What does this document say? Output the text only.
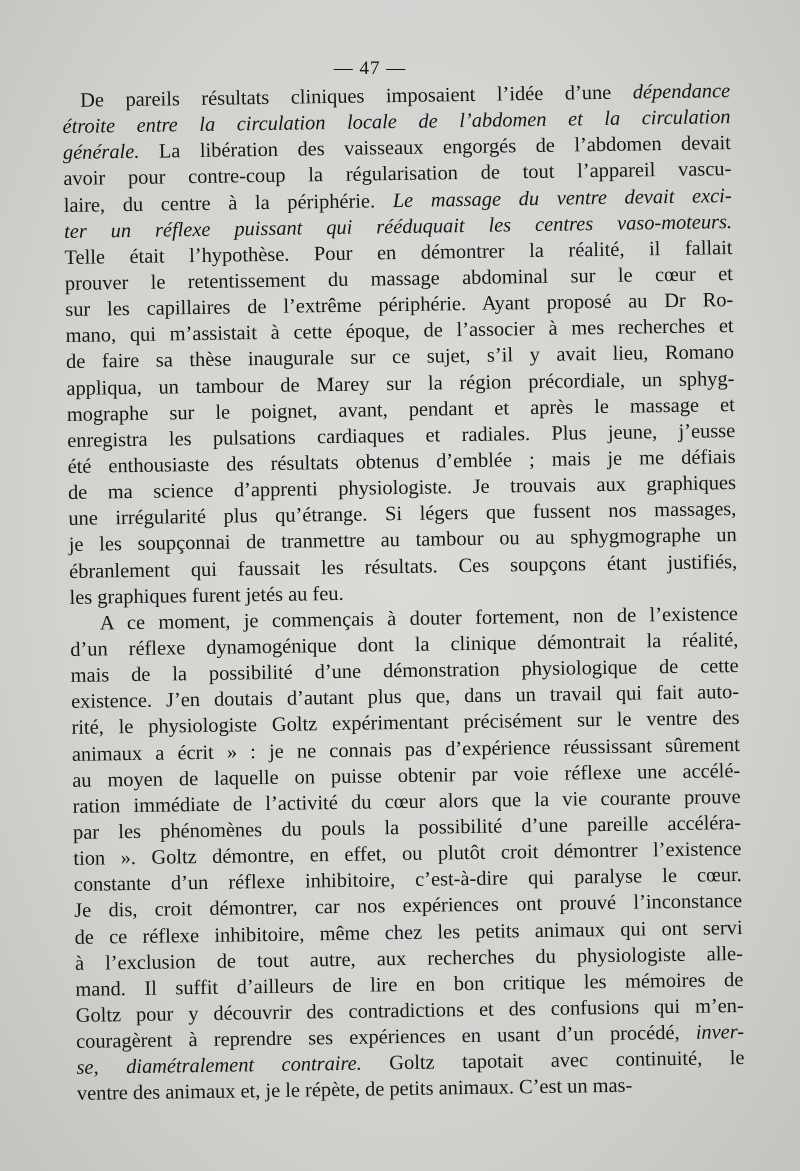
— 47 —
De pareils résultats cliniques imposaient l’idée d’une dépendance
étroite entre la circulation locale de l’abdomen et la circulation
générale. La libération des vaisseaux engorgés de l’abdomen devait
avoir pour contre-coup la régularisation de tout l’appareil vascu-
laire, du centre à la périphérie. Le massage du ventre devait exci-
ter un réflexe puissant qui rééduquait les centres vaso-moteurs.
Telle était l’hypothèse. Pour en démontrer la réalité, il fallait
prouver le retentissement du massage abdominal sur le cœur et
sur les capillaires de l’extrême périphérie. Ayant proposé au Dr Ro-
mano, qui m’assistait à cette époque, de l’associer à mes recherches et
de faire sa thèse inaugurale sur ce sujet, s’il y avait lieu, Romano
appliqua, un tambour de Marey sur la région précordiale, un sphyg-
mographe sur le poignet, avant, pendant et après le massage et
enregistra les pulsations cardiaques et radiales. Plus jeune, j’eusse
été enthousiaste des résultats obtenus d’emblée ; mais je me défiais
de ma science d’apprenti physiologiste. Je trouvais aux graphiques
une irrégularité plus qu’étrange. Si légers que fussent nos massages,
je les soupçonnai de tranmettre au tambour ou au sphygmographe un
ébranlement qui faussait les résultats. Ces soupçons étant justifiés,
les graphiques furent jetés au feu.
A ce moment, je commençais à douter fortement, non de l’existence
d’un réflexe dynamogénique dont la clinique démontrait la réalité,
mais de la possibilité d’une démonstration physiologique de cette
existence. J’en doutais d’autant plus que, dans un travail qui fait auto-
rité, le physiologiste Goltz expérimentant précisément sur le ventre des
animaux a écrit » : je ne connais pas d’expérience réussissant sûrement
au moyen de laquelle on puisse obtenir par voie réflexe une accélé-
ration immédiate de l’activité du cœur alors que la vie courante prouve
par les phénomènes du pouls la possibilité d’une pareille accéléra-
tion ». Goltz démontre, en effet, ou plutôt croit démontrer l’existence
constante d’un réflexe inhibitoire, c’est-à-dire qui paralyse le cœur.
Je dis, croit démontrer, car nos expériences ont prouvé l’inconstance
de ce réflexe inhibitoire, même chez les petits animaux qui ont servi
à l’exclusion de tout autre, aux recherches du physiologiste alle-
mand. Il suffit d’ailleurs de lire en bon critique les mémoires de
Goltz pour y découvrir des contradictions et des confusions qui m’en-
couragèrent à reprendre ses expériences en usant d’un procédé, inver-
se, diamétralement contraire. Goltz tapotait avec continuité, le
ventre des animaux et, je le répète, de petits animaux. C’est un mas-
